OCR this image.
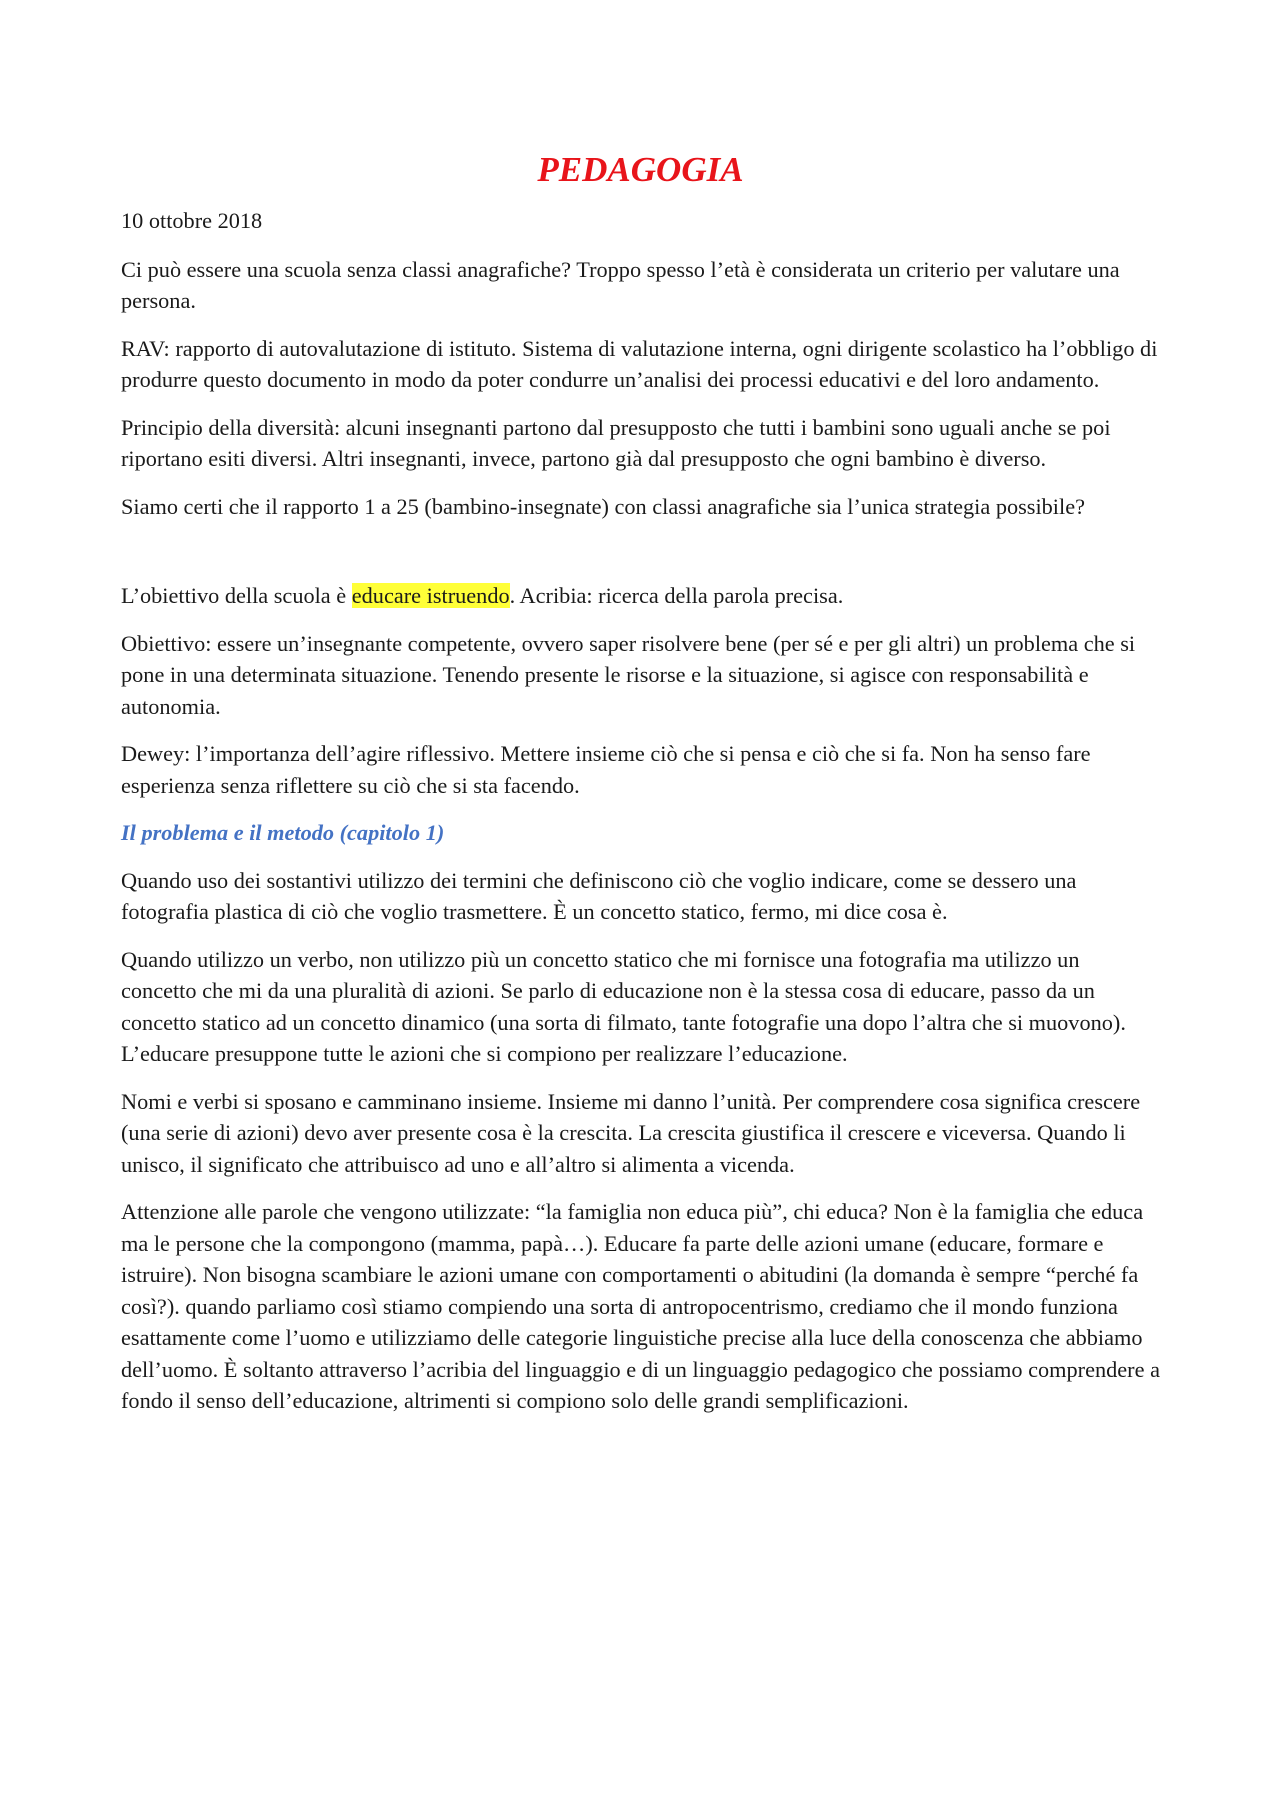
PEDAGOGIA

10 ottobre 2018

Ci può essere una scuola senza classi anagrafiche? Troppo spesso l’età è considerata un criterio per valutare una persona.

RAV: rapporto di autovalutazione di istituto. Sistema di valutazione interna, ogni dirigente scolastico ha l’obbligo di produrre questo documento in modo da poter condurre un’analisi dei processi educativi e del loro andamento.

Principio della diversità: alcuni insegnanti partono dal presupposto che tutti i bambini sono uguali anche se poi riportano esiti diversi. Altri insegnanti, invece, partono già dal presupposto che ogni bambino è diverso.

Siamo certi che il rapporto 1 a 25 (bambino-insegnate) con classi anagrafiche sia l’unica strategia possibile?

L’obiettivo della scuola è educare istruendo. Acribia: ricerca della parola precisa.

Obiettivo: essere un’insegnante competente, ovvero saper risolvere bene (per sé e per gli altri) un problema che si pone in una determinata situazione. Tenendo presente le risorse e la situazione, si agisce con responsabilità e autonomia.

Dewey: l’importanza dell’agire riflessivo. Mettere insieme ciò che si pensa e ciò che si fa. Non ha senso fare esperienza senza riflettere su ciò che si sta facendo.

Il problema e il metodo (capitolo 1)

Quando uso dei sostantivi utilizzo dei termini che definiscono ciò che voglio indicare, come se dessero una fotografia plastica di ciò che voglio trasmettere. È un concetto statico, fermo, mi dice cosa è.

Quando utilizzo un verbo, non utilizzo più un concetto statico che mi fornisce una fotografia ma utilizzo un concetto che mi da una pluralità di azioni. Se parlo di educazione non è la stessa cosa di educare, passo da un concetto statico ad un concetto dinamico (una sorta di filmato, tante fotografie una dopo l’altra che si muovono). L’educare presuppone tutte le azioni che si compiono per realizzare l’educazione.

Nomi e verbi si sposano e camminano insieme. Insieme mi danno l’unità. Per comprendere cosa significa crescere (una serie di azioni) devo aver presente cosa è la crescita. La crescita giustifica il crescere e viceversa. Quando li unisco, il significato che attribuisco ad uno e all’altro si alimenta a vicenda.

Attenzione alle parole che vengono utilizzate: “la famiglia non educa più”, chi educa? Non è la famiglia che educa ma le persone che la compongono (mamma, papà…). Educare fa parte delle azioni umane (educare, formare e istruire). Non bisogna scambiare le azioni umane con comportamenti o abitudini (la domanda è sempre “perché fa così?). quando parliamo così stiamo compiendo una sorta di antropocentrismo, crediamo che il mondo funziona esattamente come l’uomo e utilizziamo delle categorie linguistiche precise alla luce della conoscenza che abbiamo dell’uomo. È soltanto attraverso l’acribia del linguaggio e di un linguaggio pedagogico che possiamo comprendere a fondo il senso dell’educazione, altrimenti si compiono solo delle grandi semplificazioni.
